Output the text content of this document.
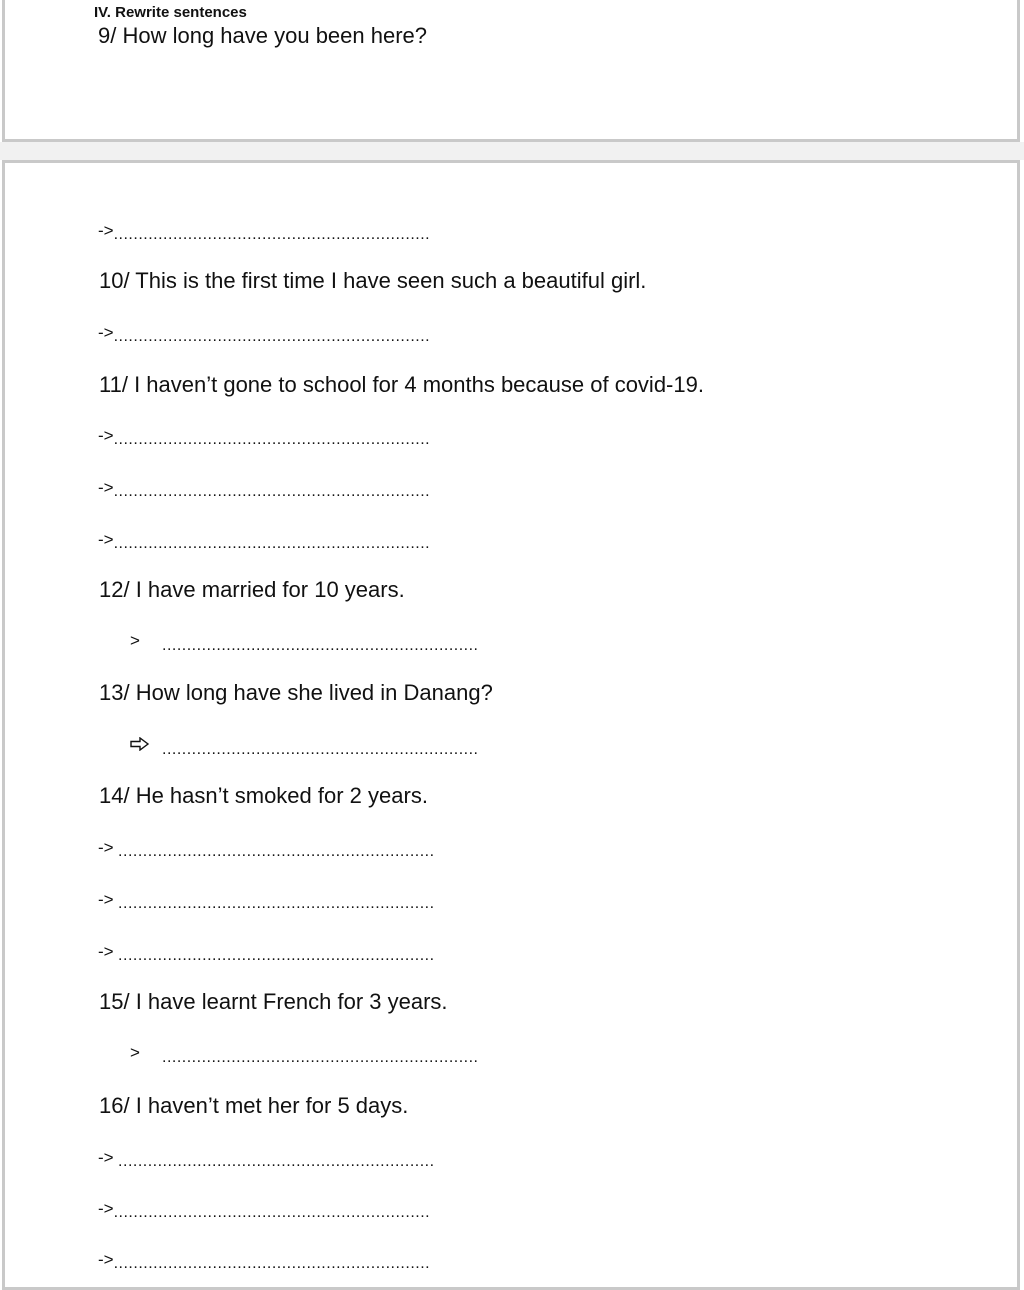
IV. Rewrite sentences
9/ How long have you been here?
->................................................................
10/ This is the first time I have seen such a beautiful girl.
->................................................................
11/ I haven’t gone to school for 4 months because of covid-19.
->................................................................
->................................................................
->................................................................
12/ I have married for 10 years.
> ................................................................
13/ How long have she lived in Danang?
................................................................
14/ He hasn’t smoked for 2 years.
-> ................................................................
-> ................................................................
-> ................................................................
15/ I have learnt French for 3 years.
> ................................................................
16/ I haven’t met her for 5 days.
-> ................................................................
->................................................................
->................................................................
